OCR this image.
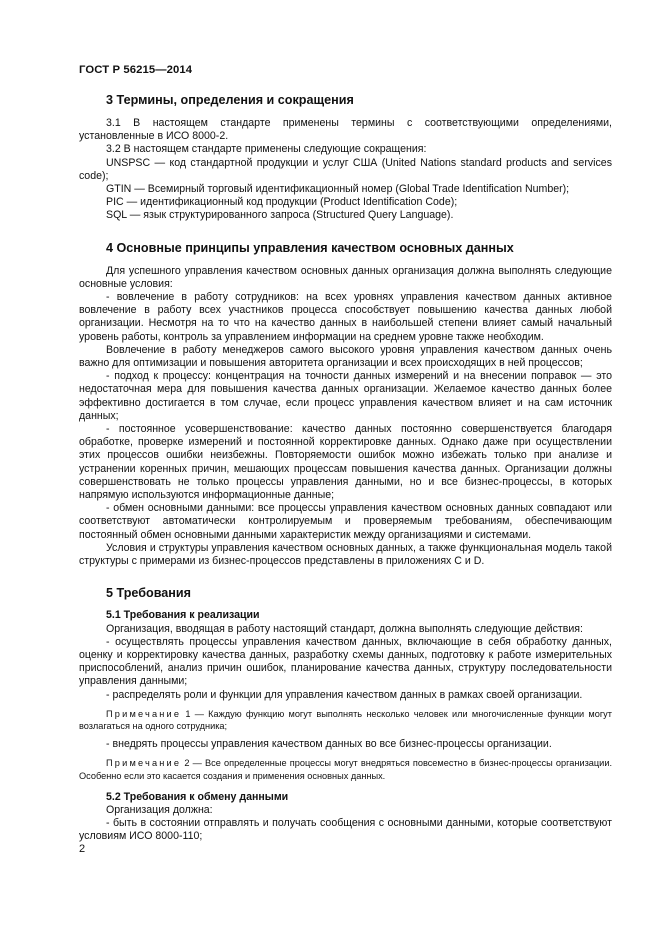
ГОСТ Р 56215—2014
3 Термины, определения и сокращения

3.1 В настоящем стандарте применены термины с соответствующими определениями, установленные в ИСО 8000-2.

3.2 В настоящем стандарте применены следующие сокращения:

UNSPSC — код стандартной продукции и услуг США (United Nations standard products and services code);

GTIN — Всемирный торговый идентификационный номер (Global Trade Identification Number);

PIC — идентификационный код продукции (Product Identification Code);

SQL — язык структурированного запроса (Structured Query Language).

4 Основные принципы управления качеством основных данных

Для успешного управления качеством основных данных организация должна выполнять следующие основные условия:

- вовлечение в работу сотрудников: на всех уровнях управления качеством данных активное вовлечение в работу всех участников процесса способствует повышению качества данных любой организации. Несмотря на то что на качество данных в наибольшей степени влияет самый начальный уровень работы, контроль за управлением информации на среднем уровне также необходим.

Вовлечение в работу менеджеров самого высокого уровня управления качеством данных очень важно для оптимизации и повышения авторитета организации и всех происходящих в ней процессов;

- подход к процессу: концентрация на точности данных измерений и на внесении поправок — это недостаточная мера для повышения качества данных организации. Желаемое качество данных более эффективно достигается в том случае, если процесс управления качеством влияет и на сам источник данных;

- постоянное усовершенствование: качество данных постоянно совершенствуется благодаря обработке, проверке измерений и постоянной корректировке данных. Однако даже при осуществлении этих процессов ошибки неизбежны. Повторяемости ошибок можно избежать только при анализе и устранении коренных причин, мешающих процессам повышения качества данных. Организации должны совершенствовать не только процессы управления данными, но и все бизнес-процессы, в которых напрямую используются информационные данные;

- обмен основными данными: все процессы управления качеством основных данных совпадают или соответствуют автоматически контролируемым и проверяемым требованиям, обеспечивающим постоянный обмен основными данными характеристик между организациями и системами.

Условия и структуры управления качеством основных данных, а также функциональная модель такой структуры с примерами из бизнес-процессов представлены в приложениях С и D.

5 Требования
5.1 Требования к реализации

Организация, вводящая в работу настоящий стандарт, должна выполнять следующие действия:

- осуществлять процессы управления качеством данных, включающие в себя обработку данных, оценку и корректировку качества данных, разработку схемы данных, подготовку к работе измерительных приспособлений, анализ причин ошибок, планирование качества данных, структуру последовательности управления данными;

- распределять роли и функции для управления качеством данных в рамках своей организации.

Примечание 1 — Каждую функцию могут выполнять несколько человек или многочисленные функции могут возлагаться на одного сотрудника;

- внедрять процессы управления качеством данных во все бизнес-процессы организации.

Примечание 2 — Все определенные процессы могут внедряться повсеместно в бизнес-процессы организации. Особенно если это касается создания и применения основных данных.

5.2 Требования к обмену данными

Организация должна:

- быть в состоянии отправлять и получать сообщения с основными данными, которые соответствуют условиям ИСО 8000-110;

2
